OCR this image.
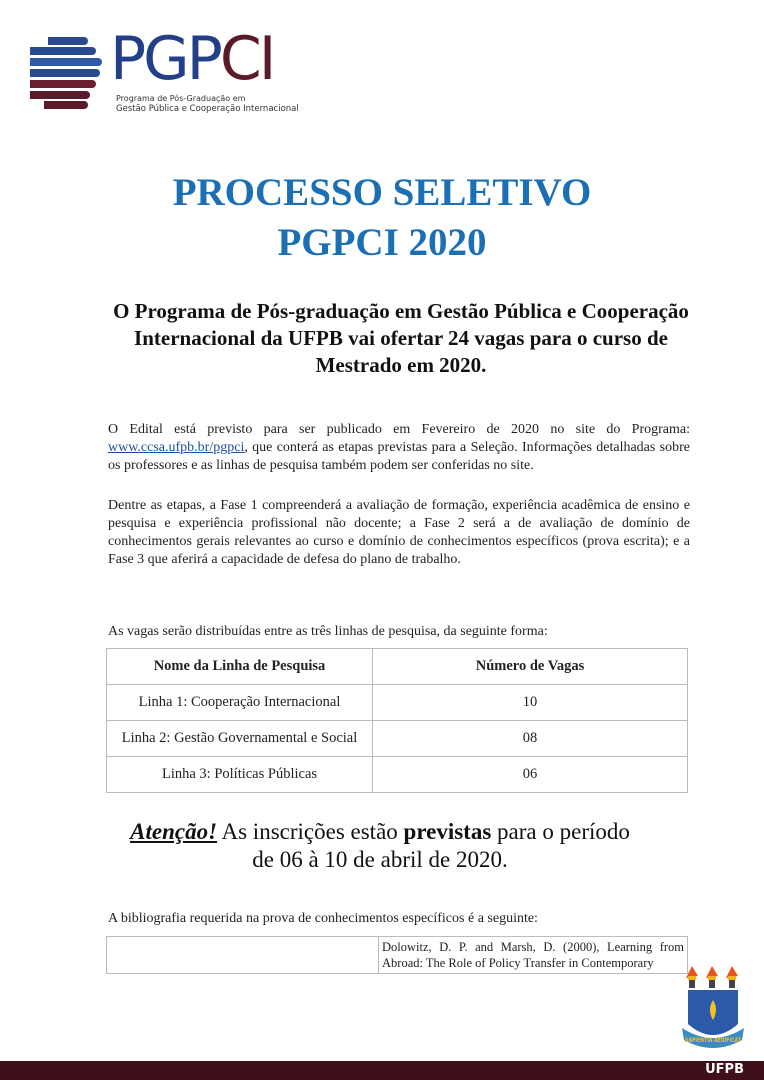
PGPCI
Programa de Pós-Graduação em
Gestão Pública e Cooperação Internacional
PROCESSO SELETIVO
PGPCI 2020
O Programa de Pós-graduação em Gestão Pública e Cooperação Internacional da UFPB vai ofertar 24 vagas para o curso de Mestrado em 2020.
O Edital está previsto para ser publicado em Fevereiro de 2020 no site do Programa: www.ccsa.ufpb.br/pgpci, que conterá as etapas previstas para a Seleção. Informações detalhadas sobre os professores e as linhas de pesquisa também podem ser conferidas no site.
Dentre as etapas, a Fase 1 compreenderá a avaliação de formação, experiência acadêmica de ensino e pesquisa e experiência profissional não docente; a Fase 2 será a de avaliação de domínio de conhecimentos gerais relevantes ao curso e domínio de conhecimentos específicos (prova escrita); e a Fase 3 que aferirá a capacidade de defesa do plano de trabalho.
As vagas serão distribuídas entre as três linhas de pesquisa, da seguinte forma:
Nome da Linha de Pesquisa	Número de Vagas
Linha 1: Cooperação Internacional	10
Linha 2: Gestão Governamental e Social	08
Linha 3: Políticas Públicas	06
Atenção! As inscrições estão previstas para o período
de 06 à 10 de abril de 2020.
A bibliografia requerida na prova de conhecimentos específicos é a seguinte:
	Dolowitz, D. P. and Marsh, D. (2000), Learning from Abroad: The Role of Policy Transfer in Contemporary
SAPIENTIA AEDIFICAT
UFPB
